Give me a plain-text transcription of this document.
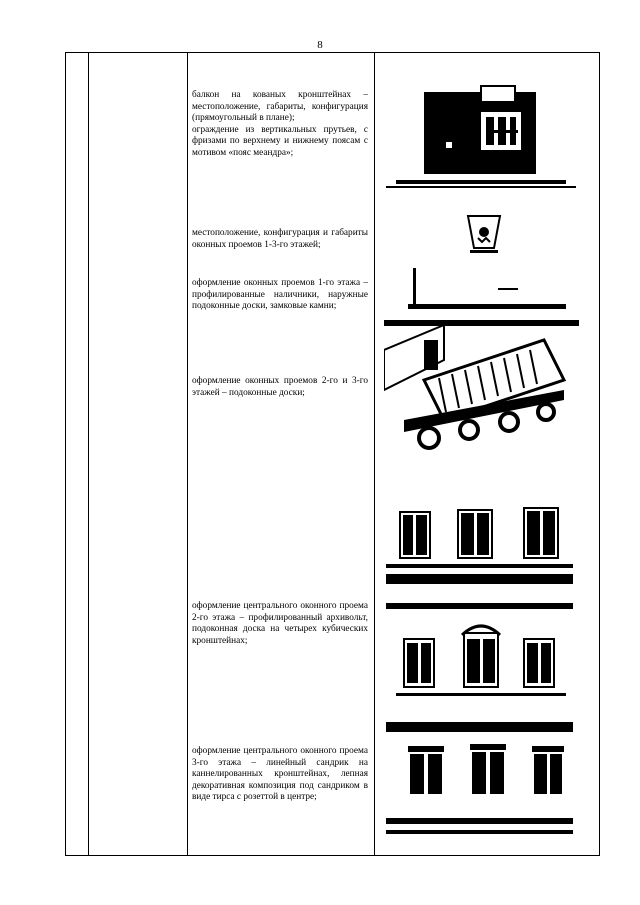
8
балкон на кованых кронштейнах – местоположение, габариты, конфигурация (прямоугольный в плане);
ограждение из вертикальных прутьев, с фризами по верхнему и нижнему поясам с мотивом «пояс меандра»;
местоположение, конфигурация и габариты оконных проемов 1-3-го этажей;
оформление оконных проемов 1-го этажа – профилированные наличники, наружные подоконные доски, замковые камни;
оформление оконных проемов 2-го и 3-го этажей – подоконные доски;
оформление центрального оконного проема 2-го этажа – профилированный архивольт, подоконная доска на четырех кубических кронштейнах;
оформление центрального оконного проема 3-го этажа – линейный сандрик на каннелированных кронштейнах, лепная декоративная композиция под сандриком в виде тирса с розеттой в центре;
